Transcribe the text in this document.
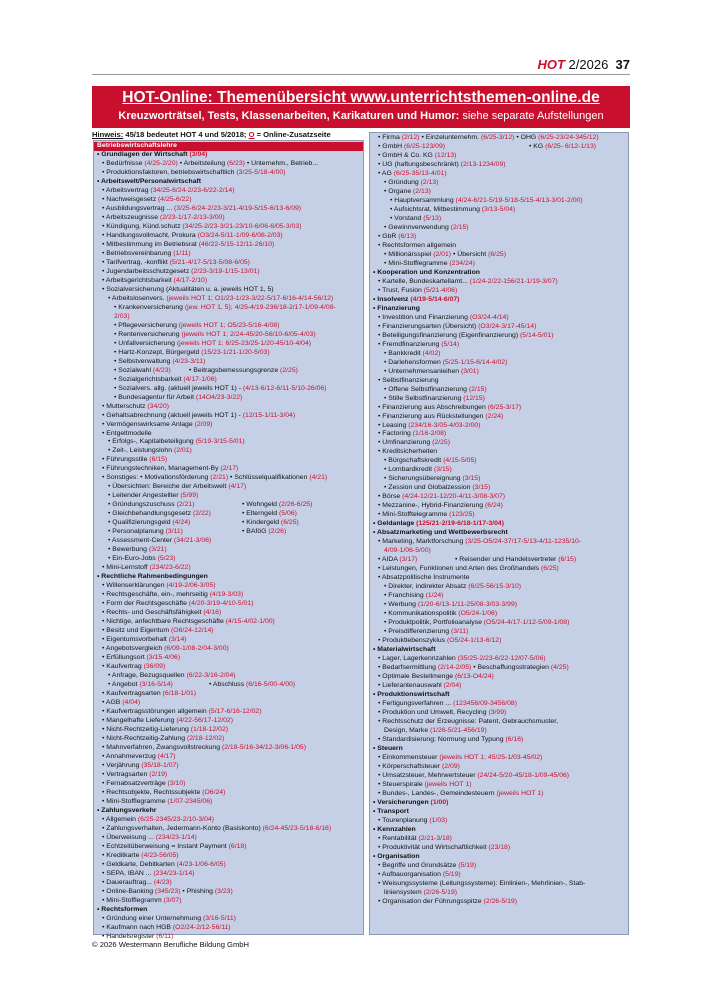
HOT 2/2026 37
HOT-Online: Themenübersicht www.unterrichtsthemen-online.de
Kreuzworträtsel, Tests, Klassenarbeiten, Karikaturen und Humor: siehe separate Aufstellungen
Hinweis: 45/18 bedeutet HOT 4 und 5/2018; O = Online-Zusatzseite
Betriebswirtschaftslehre
• Grundlagen der Wirtschaft (3/04)
• Bedürfnisse (4/25-2/20) • Arbeitsteilung (6/23) • Unternehm., Betrieb...
• Produktionsfaktoren, betriebswirtschaftlich (3/25-5/18-4/00)
• Arbeitswelt/Personalwirtschaft
• Arbeitsvertrag (34/25-6/24-2/23-6/22-2/14)
• Nachweisgesetz (4/25-6/22)
• Ausbildungsvertrag ... (3/25-6/24-2/23-3/21-4/19-5/15-6/13-6/09)
• Arbeitszeugnisse (2/23-1/17-2/13-3/00)
• Kündigung, Künd.schutz (34/25-2/23-3/21-23/10-6/06-6/05-3/03)
• Handlungsvollmacht, Prokura (O3/24-5/11-1/09-6/08-2/03)
• Mitbestimmung im Betriebsrat (46/22-5/15-12/11-26/10)
• Betriebsvereinbarung (1/11)
• Tarifvertrag, -konflikt (5/21-4/17-5/13-5/08-6/05)
• Jugendarbeitsschutzgesetz (2/23-3/19-1/15-13/01)
• Arbeitsgerichtsbarkeit (4/17-2/10)
• Sozialversicherung (Aktualitäten u. a. jeweils HOT 1, 5)
• Arbeitslosenvers. (jeweils HOT 1; O1/23-1/23-3/22-5/17-6/16-4/14-56/12)
• Krankenversicherung (jew. HOT 1, 5); 4/25-4/19-236/18-2/17-1/09-4/08-
2/03)
• Pflegeversicherung (jeweils HOT 1; O5/23-5/16-4/08)
• Rentenversicherung (jeweils HOT 1; 2/24-45/20-56/10-6/05-4/03)
• Unfallversicherung (jeweils HOT 1; 6/25-23/25-1/20-45/10-4/04)
• Hartz-Konzept, Bürgergeld (15/23-1/21-1/20-5/03)
• Selbstverwaltung (4/23-3/11)
• Sozialwahl (4/23)	• Beitragsbemessungsgrenze (2/25)
• Sozialgerichtsbarkeit (4/17-1/06)
• Sozialvers. allg. (aktuell jeweils HOT 1) - (4/13-6/12-6/11-5/10-26/06)
• Bundesagentur für Arbeit (14O4/23-3/22)
• Mutterschutz (34/20)
• Gehaltsabrechnung (aktuell jeweils HOT 1) - (12/15-1/11-3/04)
• Vermögenswirksame Anlage (2/09)
• Entgeltmodelle
• Erfolgs-, Kapitalbeteiligung (5/19-3/15-5/01)
• Zeit-, Leistungslohn (2/01)
• Führungsstile (6/15)
• Führungstechniken, Management-By (2/17)
• Sonstiges: • Motivationsförderung (2/21) • Schlüsselqualifikationen (4/21)
• Übersichten: Bereiche der Arbeitswelt (4/17)
• Leitender Angestellter (5/99)
• Gründungszuschuss (2/21)	• Wohngeld (2/26-6/25)
• Gleichbehandlungsgesetz (2/22)	• Elterngeld (5/06)
• Qualifizierungsgeld (4/24)	• Kindergeld (6/25)
• Personalplanung (3/11)	• BAföG (2/26)
• Assessment-Center (34/21-3/06)
• Bewerbung (3/21)
• Ein-Euro-Jobs (5/23)
• Mini-Lernstoff (234/23-6/22)
• Rechtliche Rahmenbedingungen
• Willenserklärungen (4/19-2/06-3/05)
• Rechtsgeschäfte, ein-, mehrseitig (4/19-3/03)
• Form der Rechtsgeschäfte (4/20-3/19-4/10-5/01)
• Rechts- und Geschäftsfähigkeit (4/16)
• Nichtige, anfechtbare Rechtsgeschäfte (4/15-4/02-1/00)
• Besitz und Eigentum (O6/24-12/14)
• Eigentumsvorbehalt (3/14)
• Angebotsvergleich (6/09-1/08-2/04-3/00)
• Erfüllungsort (3/15-4/06)
• Kaufvertrag (36/09)
• Anfrage, Bezugsquellen (6/22-3/16-2/04)
• Angebot (3/16-5/14)	• Abschluss (6/16-5/00-4/00)
• Kaufvertragsarten (6/18-1/01)
• AGB (4/04)
• Kaufvertragsstörungen allgemein (5/17-6/16-12/02)
• Mangelhafte Lieferung (4/22-56/17-12/02)
• Nicht-Rechtzeitig-Lieferung (1/18-12/02)
• Nicht-Rechtzeitig-Zahlung (2/18-12/02)
• Mahnverfahren, Zwangsvollstreckung (2/18-5/16-34/12-3/06-1/05)
• Annahmeverzug (4/17)
• Verjährung (35/18-1/07)
• Vertragsarten (2/19)
• Fernabsatzverträge (3/10)
• Rechtsobjekte, Rechtssubjekte (O6/24)
• Mini-Stofflegramme (1/07-2345/06)
• Zahlungsverkehr
• Allgemein (6/25-2345/23-2/10-3/04)
• Zahlungsverhalten, Jedermann-Konto (Basiskonto) (6/24-45/23-5/18-6/16)
• Überweisung ... (234/23-1/14)
• Echtzeitüberweisung = Instant Payment (6/18)
• Kreditkarte (4/23-56/05)
• Geldkarte, Debitkarten (4/23-1/06-6/05)
• SEPA, IBAN ... (234/23-1/14)
• Dauerauftrag... (4/23)
• Online-Banking (345/23) • Phishing (3/23)
• Mini-Stofflegramm (3/07)
• Rechtsformen
• Gründung einer Unternehmung (3/16-5/11)
• Kaufmann nach HGB (O2/24-2/12-56/11)
• Handelsregister (6/11)
• Firma (2/12) • Einzelunternehm. (6/25-3/12) • OHG (6/25-23/24-345/12)
• GmbH (6/25-123/09)	• KG (6/25- 6/12-1/13)
• GmbH & Co. KG (12/13)
• UG (haftungsbeschränkt) (2/13-1234/09)
• AG (6/25-35/13-4/01)
• Gründung (2/13)
• Organe (2/13)
• Hauptversammlung (4/24-6/21-5/19-5/18-5/15-4/13-3/01-2/00)
• Aufsichtsrat, Mitbestimmung (3/13-5/04)
• Vorstand (5/13)
• Gewinnverwendung (2/15)
• GbR (6/13)
• Rechtsformen allgemein
• Millionärsspiel (2/01) • Übersicht (6/25)
• Mini-Stofflegramme (234/24)
• Kooperation und Konzentration
• Kartelle, Bundeskartellamt... (1/24-2/22-156/21-1/19-3/07)
• Trust, Fusion (5/21-4/06)
• Insolvenz (4/19-5/14-6/07)
• Finanzierung
• Investition und Finanzierung (O3/24-4/14)
• Finanzierungsarten (Übersicht) (O3/24-3/17-45/14)
• Beteiligungsfinanzierung (Eigenfinanzierung) (5/14-5/01)
• Fremdfinanzierung (5/14)
• Bankkredit (4/02)
• Darlehensformen (5/25-1/15-6/14-4/02)
• Unternehmensanleihen (3/01)
• Selbstfinanzierung
• Offene Selbstfinanzierung (2/15)
• Stille Selbstfinanzierung (12/15)
• Finanzierung aus Abschreibungen (6/25-3/17)
• Finanzierung aus Rückstellungen (2/24)
• Leasing (234/16-3/05-4/03-2/00)
• Factoring (1/16-2/08)
• Umfinanzierung (2/25)
• Kreditsicherheiten
• Bürgschaftskredit (4/15-5/05)
• Lombardkredit (3/15)
• Sicherungsübereignung (3/15)
• Zession und Globalzession (3/15)
• Börse (4/24-12/21-12/20-4/11-3/08-3/07)
• Mezzanine-, Hybrid-Finanzierung (6/24)
• Mini-Stofftelegramme (123/25)
• Geldanlage (125/21-2/19-6/18-1/17-3/04)
• Absatzmarketing und Wettbewerbsrecht
• Marketing, Marktforschung (3/25-O5/24-37/17-5/13-4/11-1235/10-
4/09-1/06-5/00)
• AIDA (3/17)	• Reisender und Handelsvertreter (6/15)
• Leistungen, Funktionen und Arten des Großhandels (6/25)
• Absatzpolitische Instrumente
• Direkter, indirekter Absatz (6/25-56/15-3/10)
• Franchising (1/24)
• Werbung (1/20-6/13-1/11-25/08-3/03-3/99)
• Kommunikationspolitik (O5/24-1/06)
• Produktpolitik, Portfolioanalyse (O5/24-4/17-1/12-5/09-1/08)
• Preisdifferenzierung (3/11)
• Produktlebenszyklus (O5/24-1/13-6/12)
• Materialwirtschaft
• Lager, Lagerkennzahlen (35/25-2/23-6/22-12/07-5/06)
• Bedarfsermittlung (2/14-2/05) • Beschaffungsstrategien (4/25)
• Optimale Bestellmenge (6/13-O4/24)
• Lieferantenauswahl (2/04)
• Produktionswirtschaft
• Fertigungsverfahren ... (123456/09-3456/08)
• Produktion und Umwelt, Recycling (3/99)
• Rechtsschutz der Erzeugnisse: Patent, Gebrauchsmuster,
Design, Marke (1/26-5/21-456/19)
• Standardisierung: Normung und Typung (6/16)
• Steuern
• Einkommensteuer (jeweils HOT 1; 45/25-1/03-45/02)
• Körperschaftsteuer (2/09)
• Umsatzsteuer, Mehrwertsteuer (24/24-5/20-45/18-1/09-45/06)
• Steuerspirale (jeweils HOT 1)
• Bundes-, Landes-, Gemeindesteuern (jeweils HOT 1)
• Versicherungen (1/00)
• Transport
• Tourenplanung (1/03)
• Kennzahlen
• Rentabilität (2/21-3/18)
• Produktivität und Wirtschaftlichkeit (23/18)
• Organisation
• Begriffe und Grundsätze (5/19)
• Aufbauorganisation (5/19)
• Weisungssysteme (Leitungssysteme): Einlinien-, Mehrlinien-, Stab-
liniensystem (2/26-5/19)
• Organisation der Führungsspitze (2/26-5/19)
© 2026 Westermann Berufliche Bildung GmbH
